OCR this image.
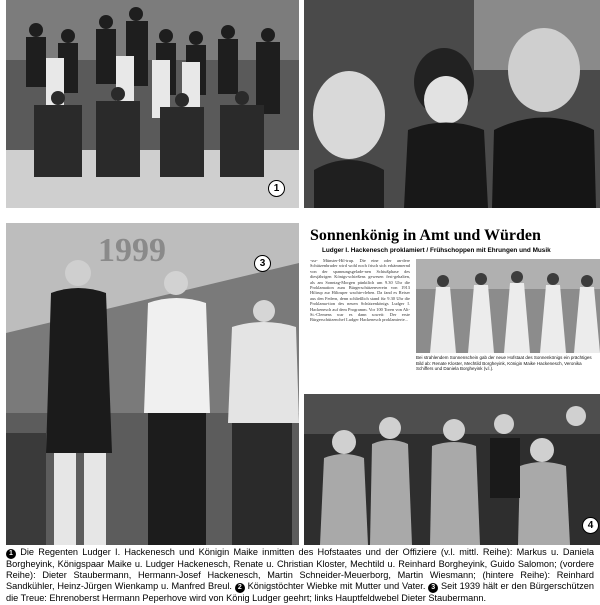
1
1999	3
Sonnenkönig in Amt und Würden
Ludger I. Hackenesch proklamiert / Frühschoppen mit Ehrungen und Musik
-ssr- Münster-Hil-trup. Die eine oder an-dere Schützenbruder wird wohl noch frisch sich erkämmernd von der spannungsgelade-nen Schiußphase des diesjährigen Königs-schießens gewesen fest-gehalten, als am Sonntag-Morgen pünktlich um 9.30 Uhr die Proklamation zum Bürgerschützenverein von 1913 Hiltrup zur Hiltruper wachte-rleben. Da fand es Reiser aus den Federn, denn schließlich stand für 9.30 Uhr die Proklama-tion des neuen Schützenkönigs Ludger I. Hackenesch auf dem Programm. Vor 100 Toren von Alt-St.-Clemens war es dann soweit: Der erste Bürgerschützenchef Ludger Hackenesch proklamierte...
Bei strahlendem Sonnenschein gab der neue Hofstaat des Sonnenkönigs ein prächtiges Bild ab: Renate Kloster, Mechtild Borgheyink, Königin Maike Hackenesch, Veronika Schiffers und Daniela Borgheyink (v.l.).
4
1 Die Regenten Ludger I. Hackenesch und Königin Maike inmitten des Hofstaates und der Offiziere (v.l. mittl. Reihe): Markus u. Daniela Borgheyink, Königspaar Maike u. Ludger Hackenesch, Renate u. Christian Kloster, Mechtild u. Reinhard Borgheyink, Guido Salomon; (vordere Reihe): Dieter Staubermann, Hermann-Josef Hackenesch, Martin Schneider-Meuerborg, Martin Wiesmann; (hintere Reihe): Reinhard Sandkühler, Heinz-Jürgen Wienkamp u. Manfred Breul. 2 Königstöchter Wiebke mit Mutter und Vater. 3 Seit 1939 hält er den Bürgerschützen die Treue: Ehrenoberst Hermann Peperhove wird von König Ludger geehrt; links Hauptfeldwebel Dieter Staubermann.
